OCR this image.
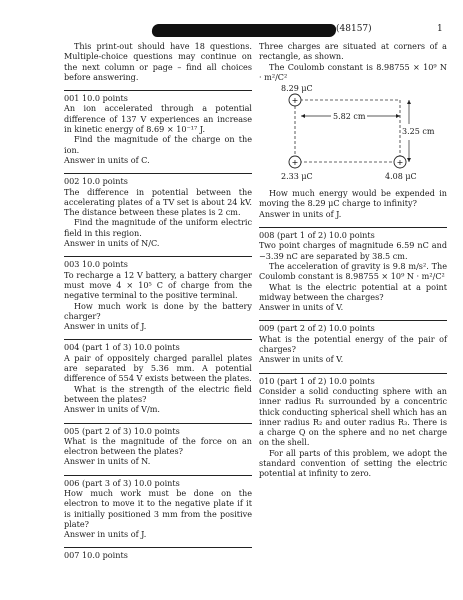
(48157)	1

This print-out should have 18 questions. Multiple-choice questions may continue on the next column or page – find all choices before answering.

001 10.0 points

An ion accelerated through a potential difference of 137 V experiences an increase in kinetic energy of 8.69 × 10⁻¹⁷ J.

Find the magnitude of the charge on the ion.

Answer in units of C.

002 10.0 points

The difference in potential between the accelerating plates of a TV set is about 24 kV. The distance between these plates is 2 cm.

Find the magnitude of the uniform electric field in this region.

Answer in units of N/C.

003 10.0 points

To recharge a 12 V battery, a battery charger must move 4 × 10⁵ C of charge from the negative terminal to the positive terminal.

How much work is done by the battery charger?

Answer in units of J.

004 (part 1 of 3) 10.0 points

A pair of oppositely charged parallel plates are separated by 5.36 mm. A potential difference of 554 V exists between the plates.

What is the strength of the electric field between the plates?

Answer in units of V/m.

005 (part 2 of 3) 10.0 points

What is the magnitude of the force on an electron between the plates?

Answer in units of N.

006 (part 3 of 3) 10.0 points

How much work must be done on the electron to move it to the negative plate if it is initially positioned 3 mm from the positive plate?

Answer in units of J.

007 10.0 points

Three charges are situated at corners of a rectangle, as shown.

The Coulomb constant is 8.98755 × 10⁹ N · m²/C²

+
+	+
8.29 μC
5.82 cm
3.25 cm
2.33 μC	4.08 μC

How much energy would be expended in moving the 8.29 μC charge to infinity?

Answer in units of J.

008 (part 1 of 2) 10.0 points

Two point charges of magnitude 6.59 nC and −3.39 nC are separated by 38.5 cm.

The acceleration of gravity is 9.8 m/s². The Coulomb constant is 8.98755 × 10⁹ N · m²/C²

What is the electric potential at a point midway between the charges?

Answer in units of V.

009 (part 2 of 2) 10.0 points

What is the potential energy of the pair of charges?

Answer in units of V.

010 (part 1 of 2) 10.0 points

Consider a solid conducting sphere with an inner radius R₁ surrounded by a concentric thick conducting spherical shell which has an inner radius R₂ and outer radius R₃. There is a charge Q on the sphere and no net charge on the shell.

For all parts of this problem, we adopt the standard convention of setting the electric potential at infinity to zero.
